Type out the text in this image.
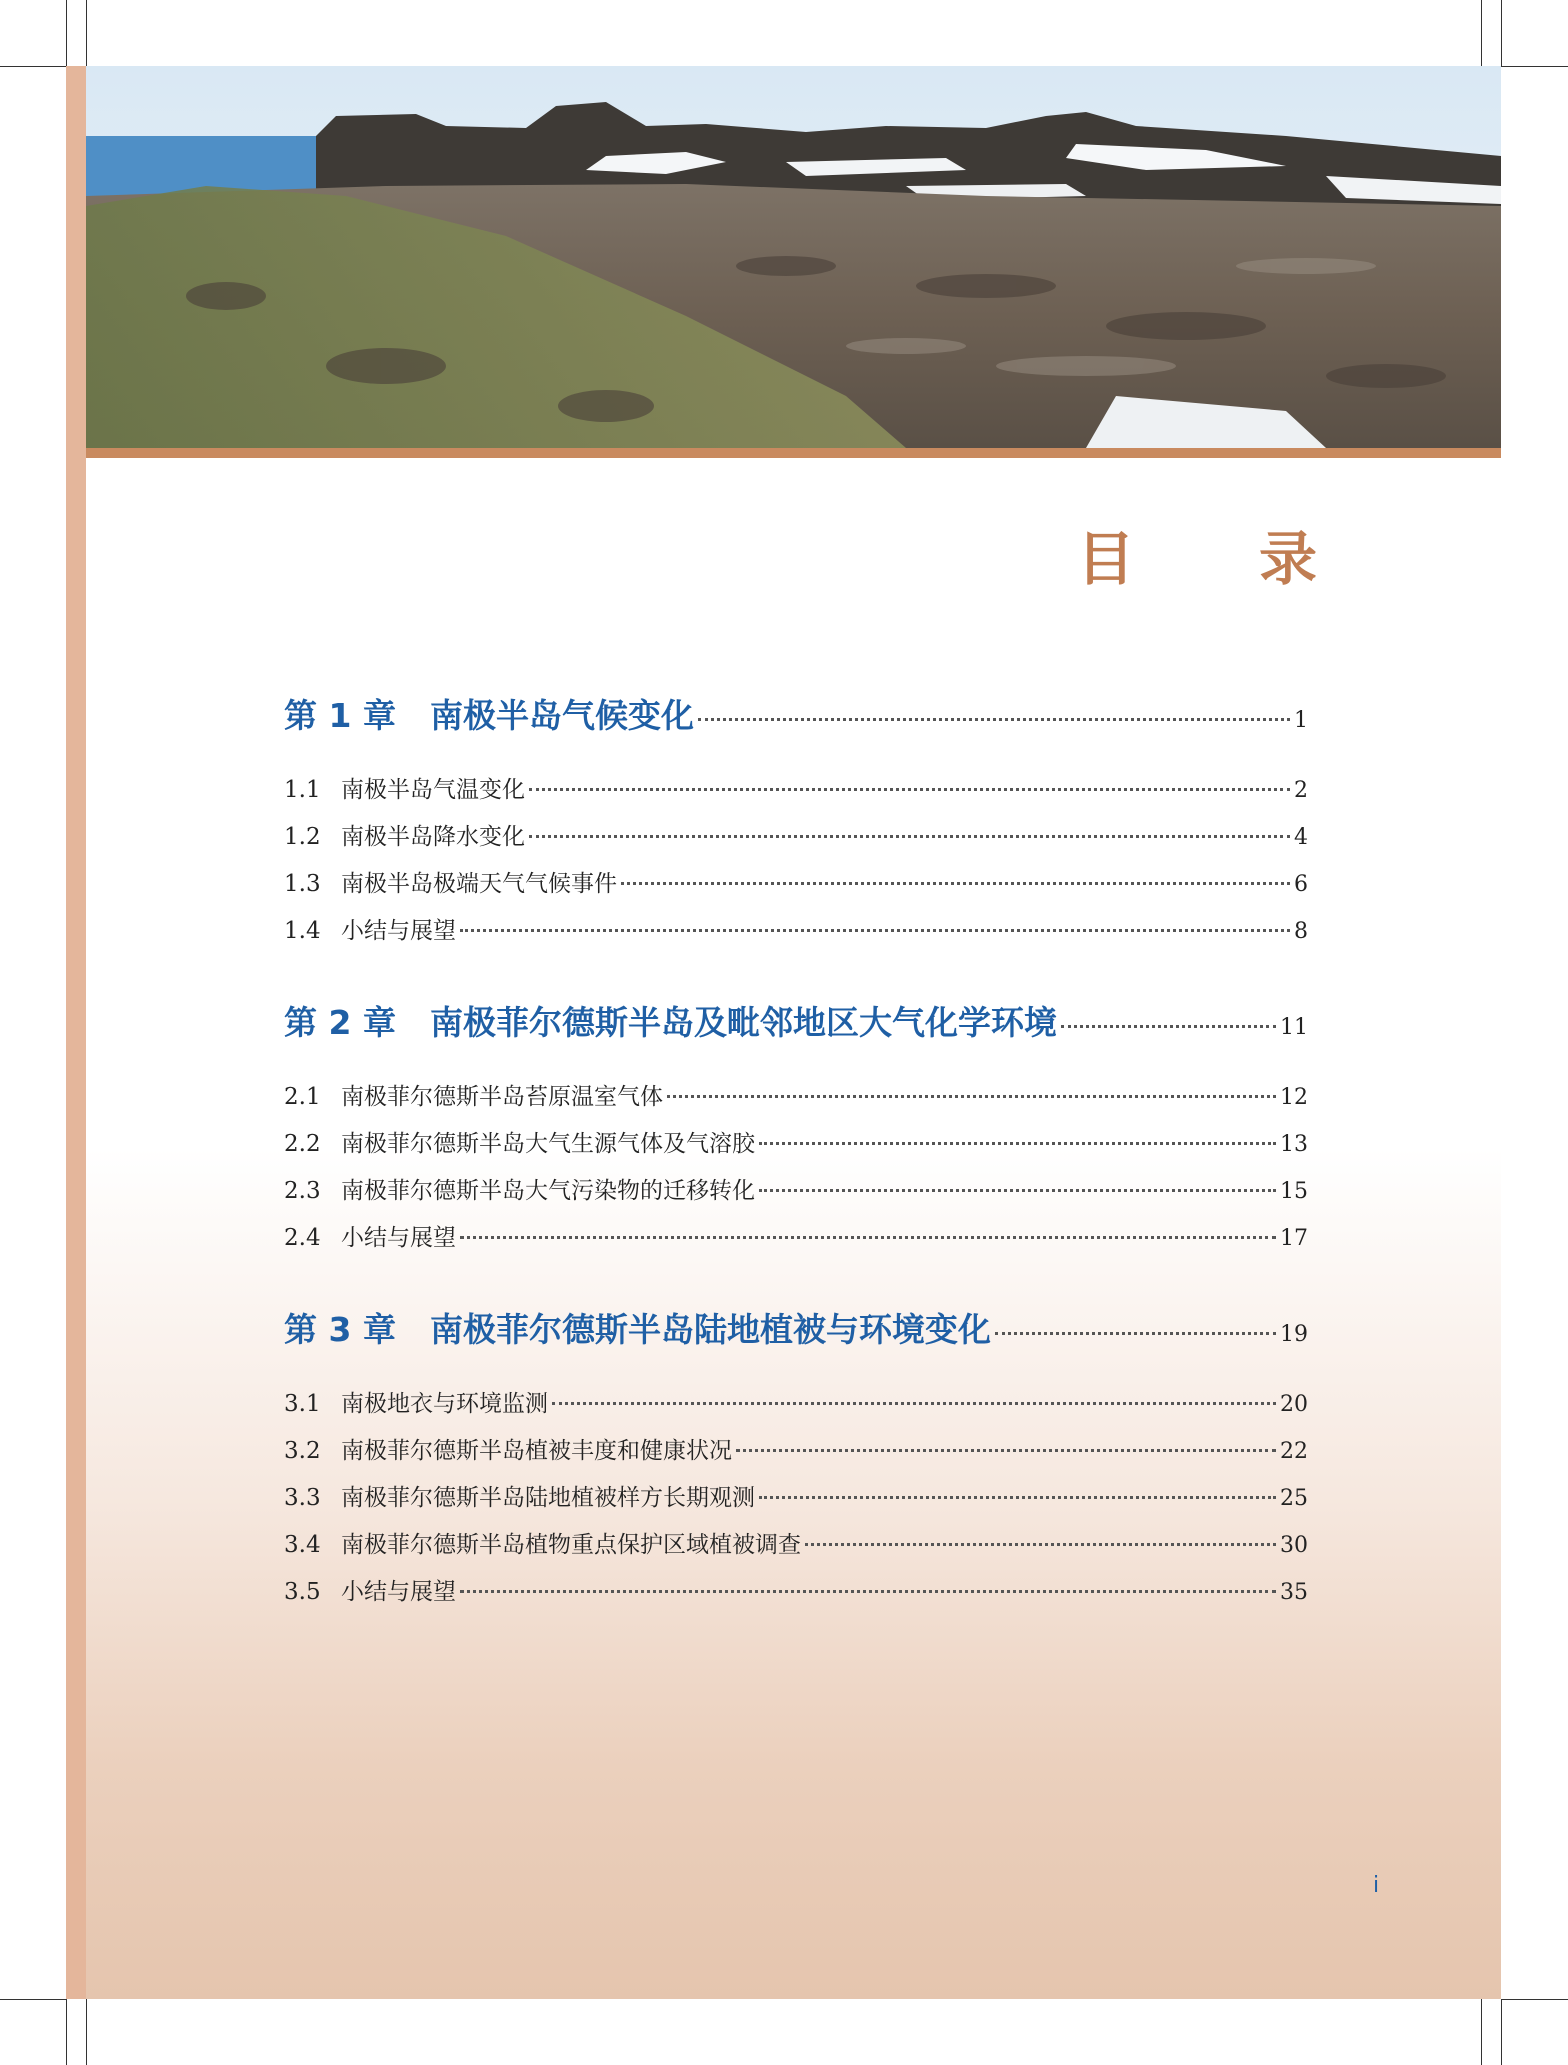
目 录
第 1 章 南极半岛气候变化	1
1.1 南极半岛气温变化	2
1.2 南极半岛降水变化	4
1.3 南极半岛极端天气气候事件	6
1.4 小结与展望	8
第 2 章 南极菲尔德斯半岛及毗邻地区大气化学环境	11
2.1 南极菲尔德斯半岛苔原温室气体	12
2.2 南极菲尔德斯半岛大气生源气体及气溶胶	13
2.3 南极菲尔德斯半岛大气污染物的迁移转化	15
2.4 小结与展望	17
第 3 章 南极菲尔德斯半岛陆地植被与环境变化	19
3.1 南极地衣与环境监测	20
3.2 南极菲尔德斯半岛植被丰度和健康状况	22
3.3 南极菲尔德斯半岛陆地植被样方长期观测	25
3.4 南极菲尔德斯半岛植物重点保护区域植被调查	30
3.5 小结与展望	35
i
